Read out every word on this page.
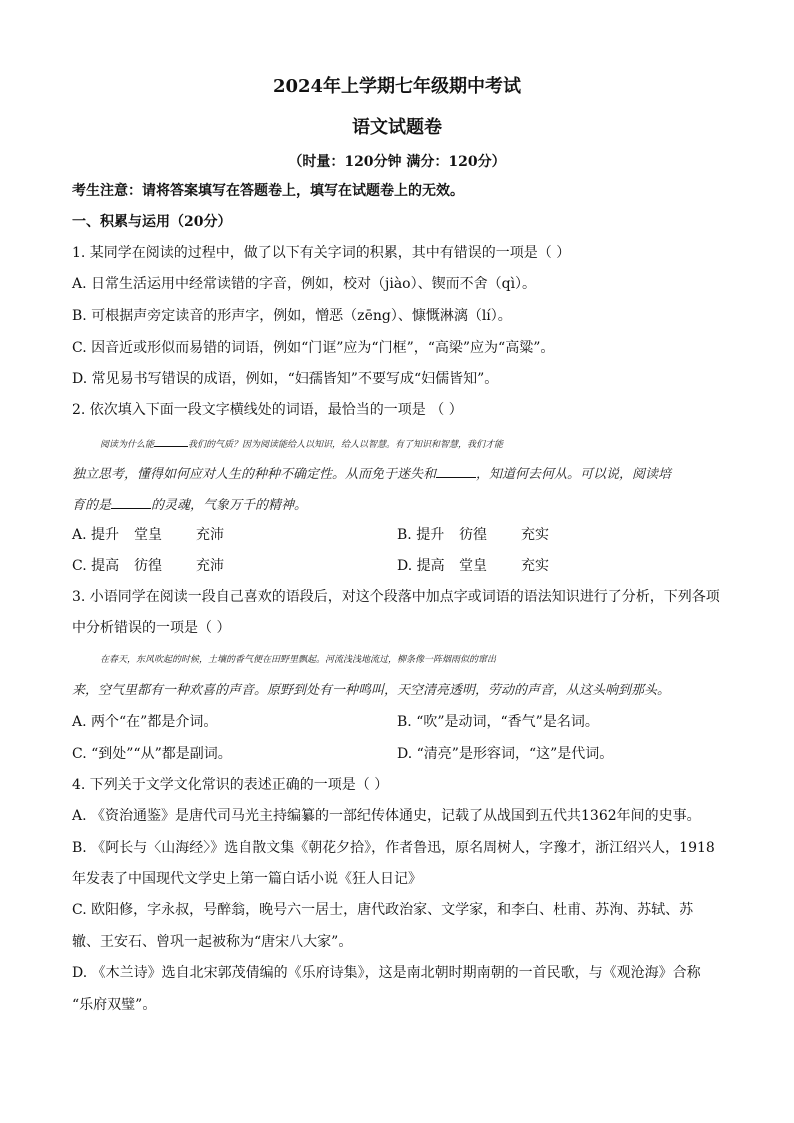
2024年上学期七年级期中考试
语文试题卷
（时量：120分钟 满分：120分）
考生注意：请将答案填写在答题卷上，填写在试题卷上的无效。
一、积累与运用（20分）
1. 某同学在阅读的过程中，做了以下有关字词的积累，其中有错误的一项是（ ）
A. 日常生活运用中经常读错的字音，例如，校对（jiào）、锲而不舍（qì）。
B. 可根据声旁定读音的形声字，例如，憎恶（zēng）、慷慨淋漓（lí）。
C. 因音近或形似而易错的词语，例如“门诓”应为“门框”，“高梁”应为“高粱”。
D. 常见易书写错误的成语，例如，“妇孺皆知”不要写成“妇儒皆知”。
2. 依次填入下面一段文字横线处的词语，最恰当的一项是 （ ）
阅读为什么能	我们的气质？因为阅读能给人以知识，给人以智慧。有了知识和智慧，我们才能
独立思考，懂得如何应对人生的种种不确定性。从而免于迷失和	，知道何去何从。可以说，阅读培
育的是	的灵魂，气象万千的精神。
A. 提升 堂皇 充沛	B. 提升 彷徨 充实
C. 提高 彷徨 充沛	D. 提高 堂皇 充实
3. 小语同学在阅读一段自己喜欢的语段后，对这个段落中加点字或词语的语法知识进行了分析，下列各项
中分析错误的一项是（ ）
在春天，东风吹起的时候，土壤的香气便在田野里飘起。河流浅浅地流过，柳条像一阵烟雨似的窜出
来，空气里都有一种欢喜的声音。原野到处有一种鸣叫，天空清亮透明，劳动的声音，从这头响到那头。
A. 两个“在”都是介词。	B. “吹”是动词，“香气”是名词。
C. “到处”“从”都是副词。	D. “清亮”是形容词，“这”是代词。
4. 下列关于文学文化常识的表述正确的一项是（ ）
A. 《资治通鉴》是唐代司马光主持编纂的一部纪传体通史，记载了从战国到五代共1362年间的史事。
B. 《阿长与〈山海经〉》选自散文集《朝花夕拾》，作者鲁迅，原名周树人，字豫才，浙江绍兴人，1918
年发表了中国现代文学史上第一篇白话小说《狂人日记》
C. 欧阳修，字永叔，号醉翁，晚号六一居士，唐代政治家、文学家，和李白、杜甫、苏洵、苏轼、苏
辙、王安石、曾巩一起被称为“唐宋八大家”。
D. 《木兰诗》选自北宋郭茂倩编的《乐府诗集》，这是南北朝时期南朝的一首民歌，与《观沧海》合称
“乐府双璧”。
